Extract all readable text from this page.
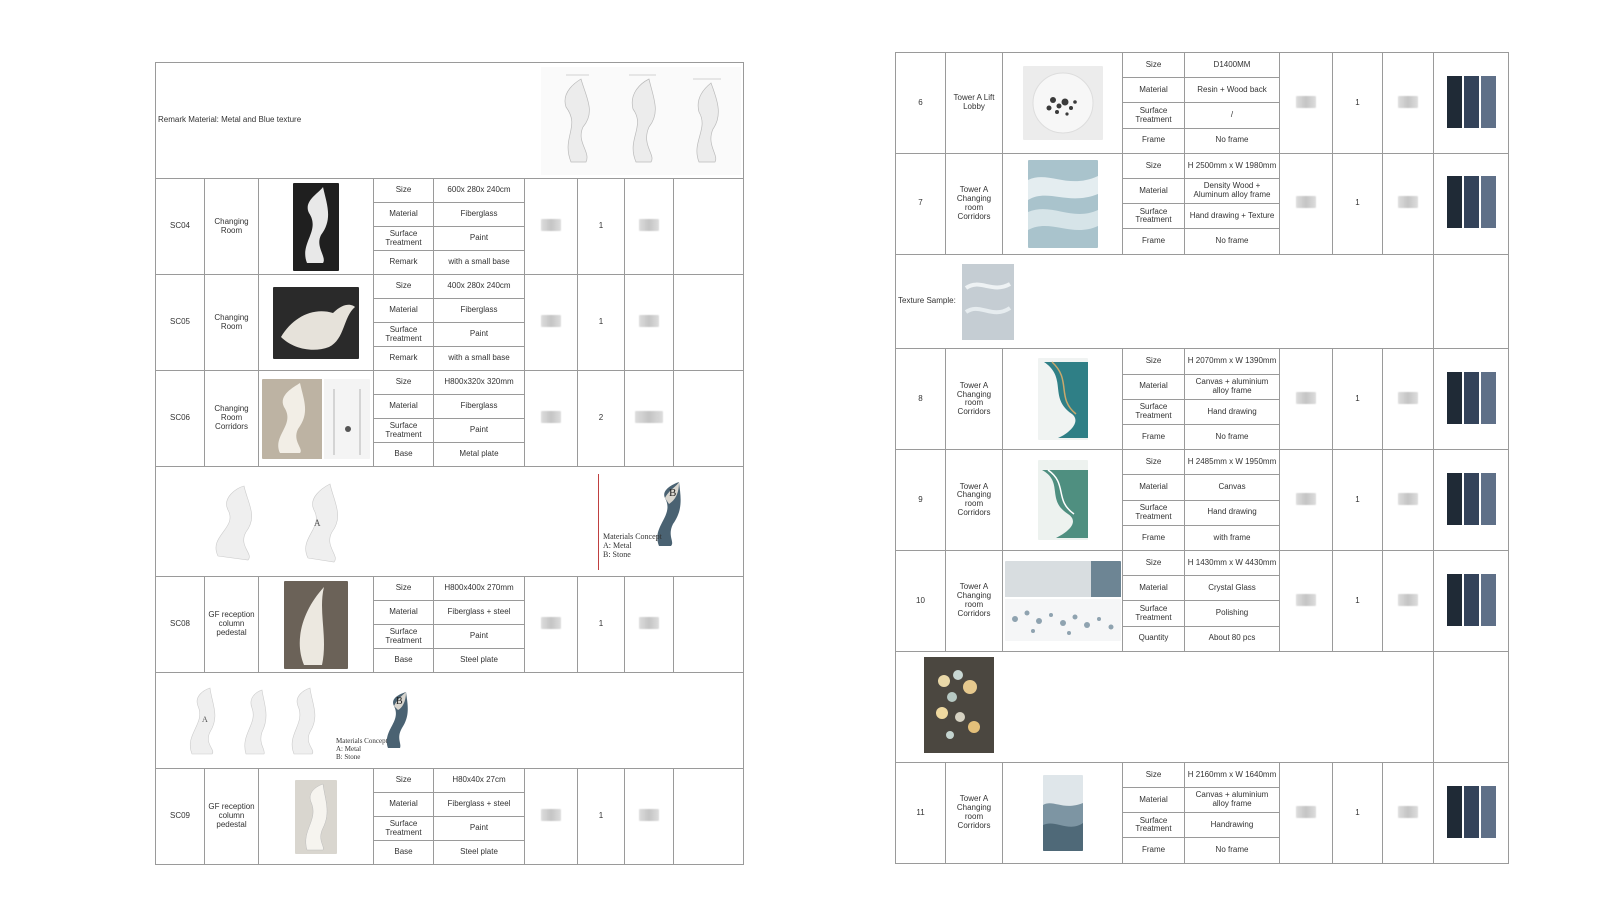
Remark Material: Metal and Blue texture								

SC04	Changing Room		Size	600x 280x 240cm		1		
			Material	Fiberglass				
			Surface Treatment	Paint				
			Remark	with a small base				
SC05	Changing Room		Size	400x 280x 240cm		1		
			Material	Fiberglass				
			Surface Treatment	Paint				
			Remark	with a small base				
SC06	Changing Room Corridors		Size	H800x320x 320mm		2		
			Material	Fiberglass				
			Surface Treatment	Paint				
			Base	Metal plate				

A
B
Materials Concept
A: Metal
B: Stone								

SC08	GF reception column pedestal		Size	H800x400x 270mm		1		
			Material	Fiberglass + steel				
			Surface Treatment	Paint				
			Base	Steel plate				

A
B
Materials Concept
A: Metal
B: Stone								

SC09	GF reception column pedestal		Size	H80x40x 27cm		1		
			Material	Fiberglass + steel				
			Surface Treatment	Paint				
			Base	Steel plate				
6	Tower A Lift Lobby		Size	D1400MM		1		

			Material	Resin + Wood back				
			Surface Treatment	/				
			Frame	No frame				
7	Tower A Changing room Corridors		Size	H 2500mm x W 1980mm		1		

			Material	Density Wood + Aluminum alloy frame				
			Surface Treatment	Hand drawing + Texture				
			Frame	No frame				

Texture Sample:								

8	Tower A Changing room Corridors		Size	H 2070mm x W 1390mm		1		

			Material	Canvas + aluminium alloy frame				
			Surface Treatment	Hand drawing				
			Frame	No frame				
9	Tower A Changing room Corridors		Size	H 2485mm x W 1950mm		1		

			Material	Canvas				
			Surface Treatment	Hand drawing				
			Frame	with frame				
10	Tower A Changing room Corridors		Size	H 1430mm x W 4430mm		1		

			Material	Crystal Glass				
			Surface Treatment	Polishing				
			Quantity	About 80 pcs				

11	Tower A Changing room Corridors		Size	H 2160mm x W 1640mm		1		

			Material	Canvas + aluminium alloy frame				
			Surface Treatment	Handrawing				
			Frame	No frame				
